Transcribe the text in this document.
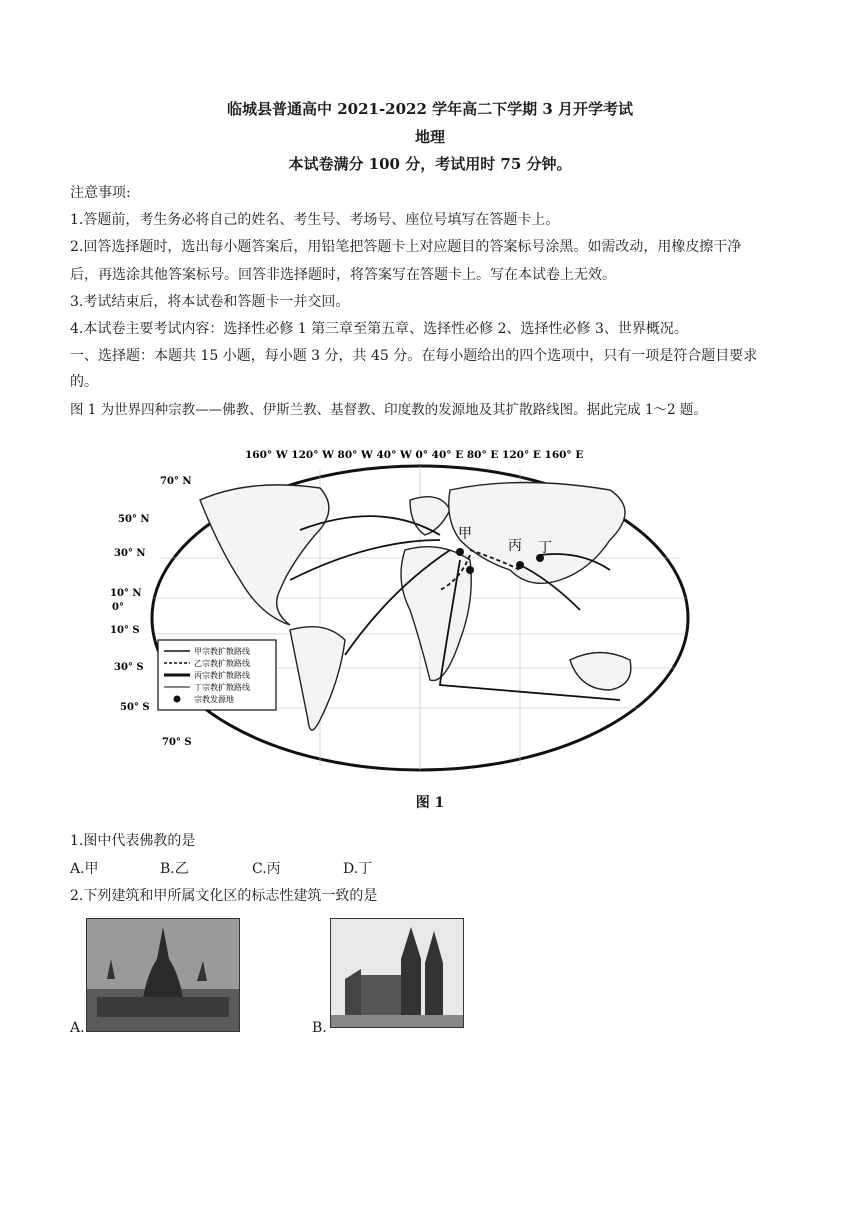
临城县普通高中 2021-2022 学年高二下学期 3 月开学考试
地理
本试卷满分 100 分，考试用时 75 分钟。
注意事项:
1.答题前，考生务必将自己的姓名、考生号、考场号、座位号填写在答题卡上。
2.回答选择题时，选出每小题答案后，用铅笔把答题卡上对应题目的答案标号涂黑。如需改动，用橡皮擦干净
后，再选涂其他答案标号。回答非选择题时，将答案写在答题卡上。写在本试卷上无效。
3.考试结束后，将本试卷和答题卡一并交回。
4.本试卷主要考试内容：选择性必修 1 第三章至第五章、选择性必修 2、选择性必修 3、世界概况。
一、选择题：本题共 15 小题，每小题 3 分，共 45 分。在每小题给出的四个选项中，只有一项是符合题目要求
的。
图 1 为世界四种宗教——佛教、伊斯兰教、基督教、印度教的发源地及其扩散路线图。据此完成 1～2 题。
160° W 120° W 80° W 40° W 0° 40° E 80° E 120° E 160° E
甲
丙 丁
70° N
50° N
30° N
10° N
0°
10° S
30° S
50° S
70° S
甲宗教扩散路线
乙宗教扩散路线
丙宗教扩散路线
丁宗教扩散路线
宗教发源地
图 1
1.图中代表佛教的是
A.甲	B.乙	C.丙	D.丁
2.下列建筑和甲所属文化区的标志性建筑一致的是
A.	B.
